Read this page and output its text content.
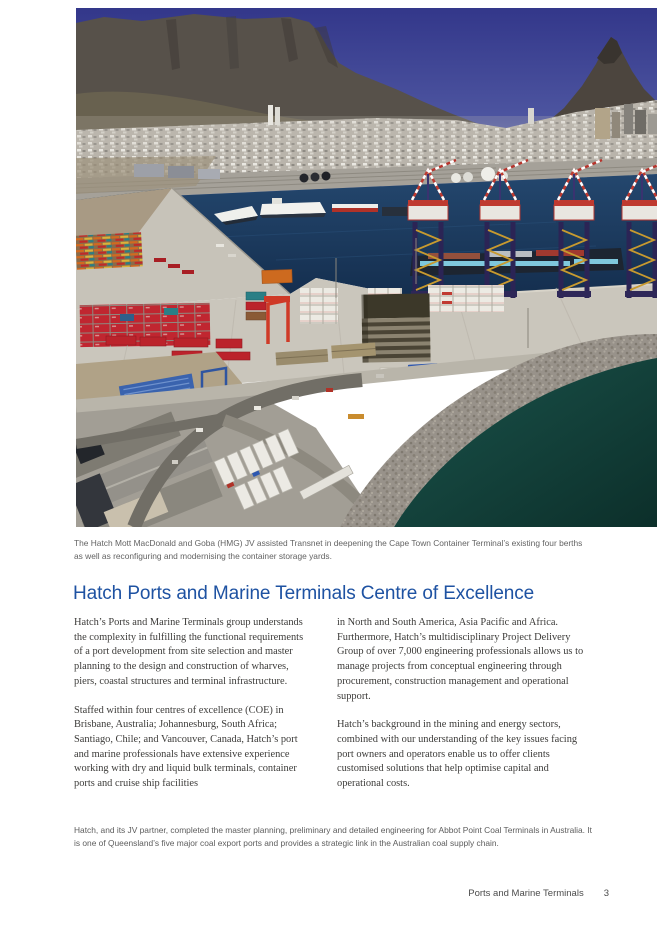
The Hatch Mott MacDonald and Goba (HMG) JV assisted Transnet in deepening the Cape Town Container Terminal’s existing four berths as well as reconfiguring and modernising the container storage yards.

Hatch Ports and Marine Terminals Centre of Excellence

Hatch’s Ports and Marine Terminals group understands the complexity in fulfilling the functional requirements of a port development from site selection and master planning to the design and construction of wharves, piers, coastal structures and terminal infrastructure.

Staffed within four centres of excellence (COE) in Brisbane, Australia; Johannesburg, South Africa; Santiago, Chile; and Vancouver, Canada, Hatch’s port and marine professionals have extensive experience working with dry and liquid bulk terminals, container ports and cruise ship facilities

in North and South America, Asia Pacific and Africa. Furthermore, Hatch’s multidisciplinary Project Delivery Group of over 7,000 engineering professionals allows us to manage projects from conceptual engineering through procurement, construction management and operational support.

Hatch’s background in the mining and energy sectors, combined with our understanding of the key issues facing port owners and operators enable us to offer clients customised solutions that help optimise capital and operational costs.

Hatch, and its JV partner, completed the master planning, preliminary and detailed engineering for Abbot Point Coal Terminals in Australia. It is one of Queensland’s five major coal export ports and provides a strategic link in the Australian coal supply chain.

Ports and Marine Terminals 3
